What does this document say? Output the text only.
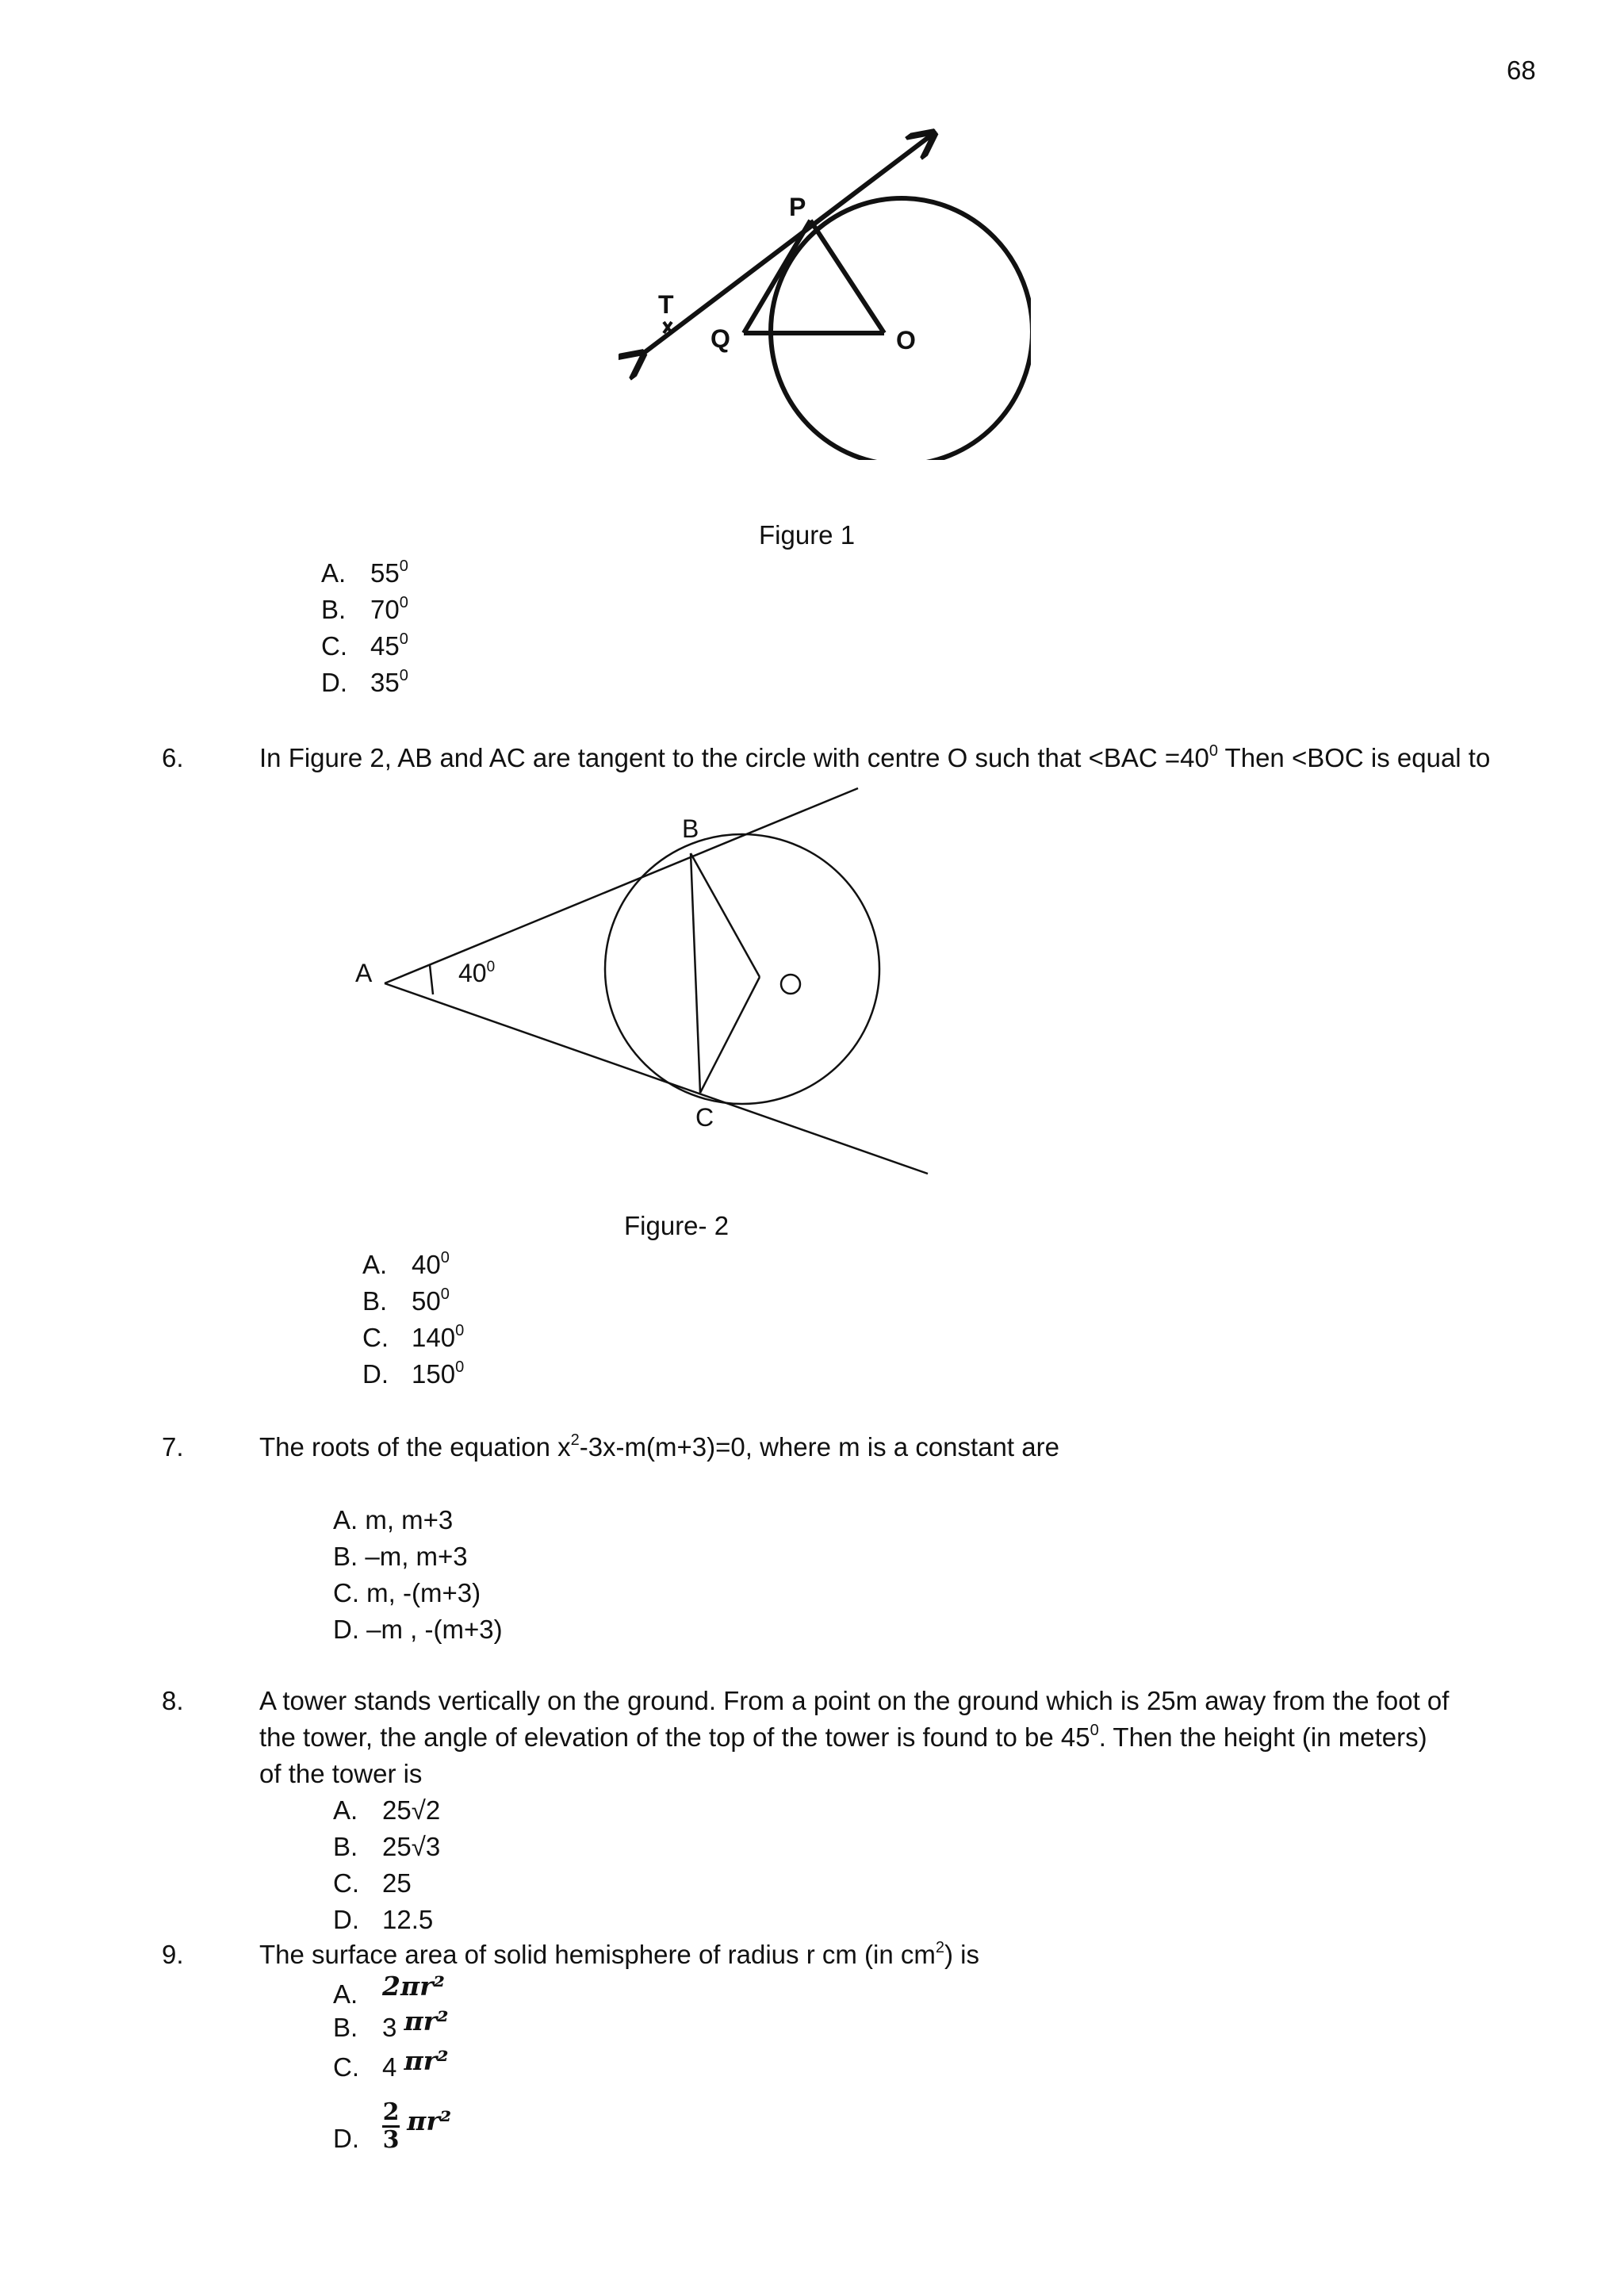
68
P
T
Q	O
Figure 1
A. $55^0$
B. $70^0$
C. $45^0$
D. $35^0$
6.	In Figure 2, AB and AC are tangent to the circle with centre O such that $<BAC =40^0$ Then <BOC is equal to
A
B
C
$40^0$
Figure- 2
A. $40^0$
B. $50^0$
C. $140^0$
D. $150^0$
7.	The roots of the equation $x^2-3x-m(m+3)=0$, where m is a constant are
A. m, m+3
B. –m, m+3
C. m, -(m+3)
D. –m , -(m+3)
8.	A tower stands vertically on the ground. From a point on the ground which is 25m away from the foot of
the tower, the angle of elevation of the top of the tower is found to be $45^0$. Then the height (in meters)
of the tower is
A. 25√2
B. 25√3
C. 25
D. 12.5
9.	The surface area of solid hemisphere of radius r cm (in $cm^2$) is
A. 2πr²
B. 3 πr²
C. 4 πr²
D. $\frac{2}{3} \pi r^2$
